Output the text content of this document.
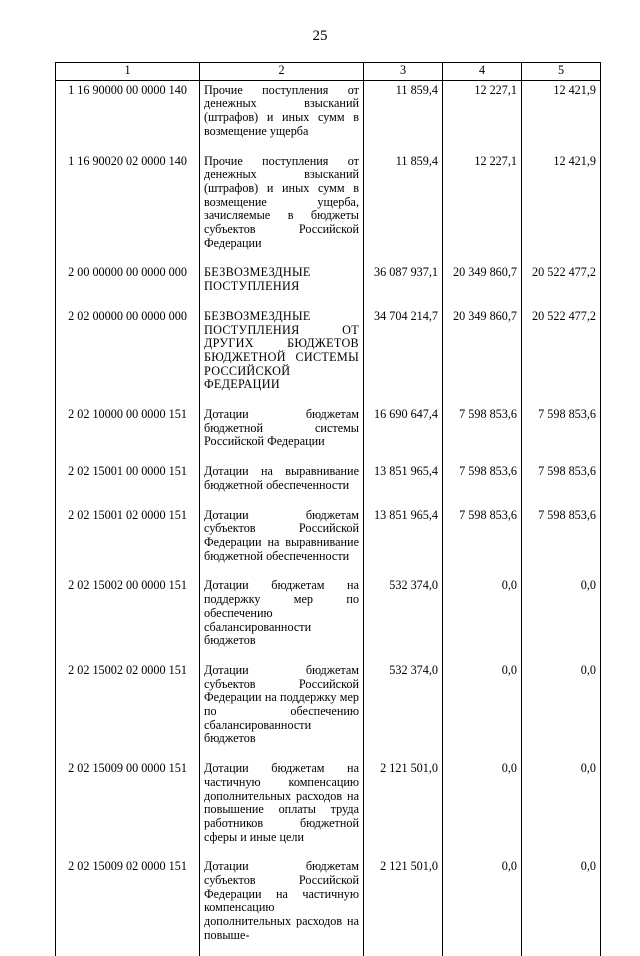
25
1	2	3	4	5
1 16 90000 00 0000 140	Прочие поступления от денежных взысканий (штрафов) и иных сумм в возмещение ущерба	11 859,4	12 227,1	12 421,9
1 16 90020 02 0000 140	Прочие поступления от денежных взысканий (штрафов) и иных сумм в возмещение ущерба, зачисляемые в бюджеты субъектов Российской Федерации	11 859,4	12 227,1	12 421,9
2 00 00000 00 0000 000	БЕЗВОЗМЕЗДНЫЕ ПОСТУПЛЕНИЯ	36 087 937,1	20 349 860,7	20 522 477,2
2 02 00000 00 0000 000	БЕЗВОЗМЕЗДНЫЕ ПОСТУПЛЕНИЯ ОТ ДРУГИХ БЮДЖЕТОВ БЮДЖЕТНОЙ СИСТЕМЫ РОССИЙСКОЙ ФЕДЕРАЦИИ	34 704 214,7	20 349 860,7	20 522 477,2
2 02 10000 00 0000 151	Дотации бюджетам бюджетной системы Российской Федерации	16 690 647,4	7 598 853,6	7 598 853,6
2 02 15001 00 0000 151	Дотации на выравнивание бюджетной обеспеченности	13 851 965,4	7 598 853,6	7 598 853,6
2 02 15001 02 0000 151	Дотации бюджетам субъектов Российской Федерации на выравнивание бюджетной обеспеченности	13 851 965,4	7 598 853,6	7 598 853,6
2 02 15002 00 0000 151	Дотации бюджетам на поддержку мер по обеспечению сбалансированности бюджетов	532 374,0	0,0	0,0
2 02 15002 02 0000 151	Дотации бюджетам субъектов Российской Федерации на поддержку мер по обеспечению сбалансированности бюджетов	532 374,0	0,0	0,0
2 02 15009 00 0000 151	Дотации бюджетам на частичную компенсацию дополнительных расходов на повышение оплаты труда работников бюджетной сферы и иные цели	2 121 501,0	0,0	0,0
2 02 15009 02 0000 151	Дотации бюджетам субъектов Российской Федерации на частичную компенсацию дополнительных расходов на повыше-	2 121 501,0	0,0	0,0
